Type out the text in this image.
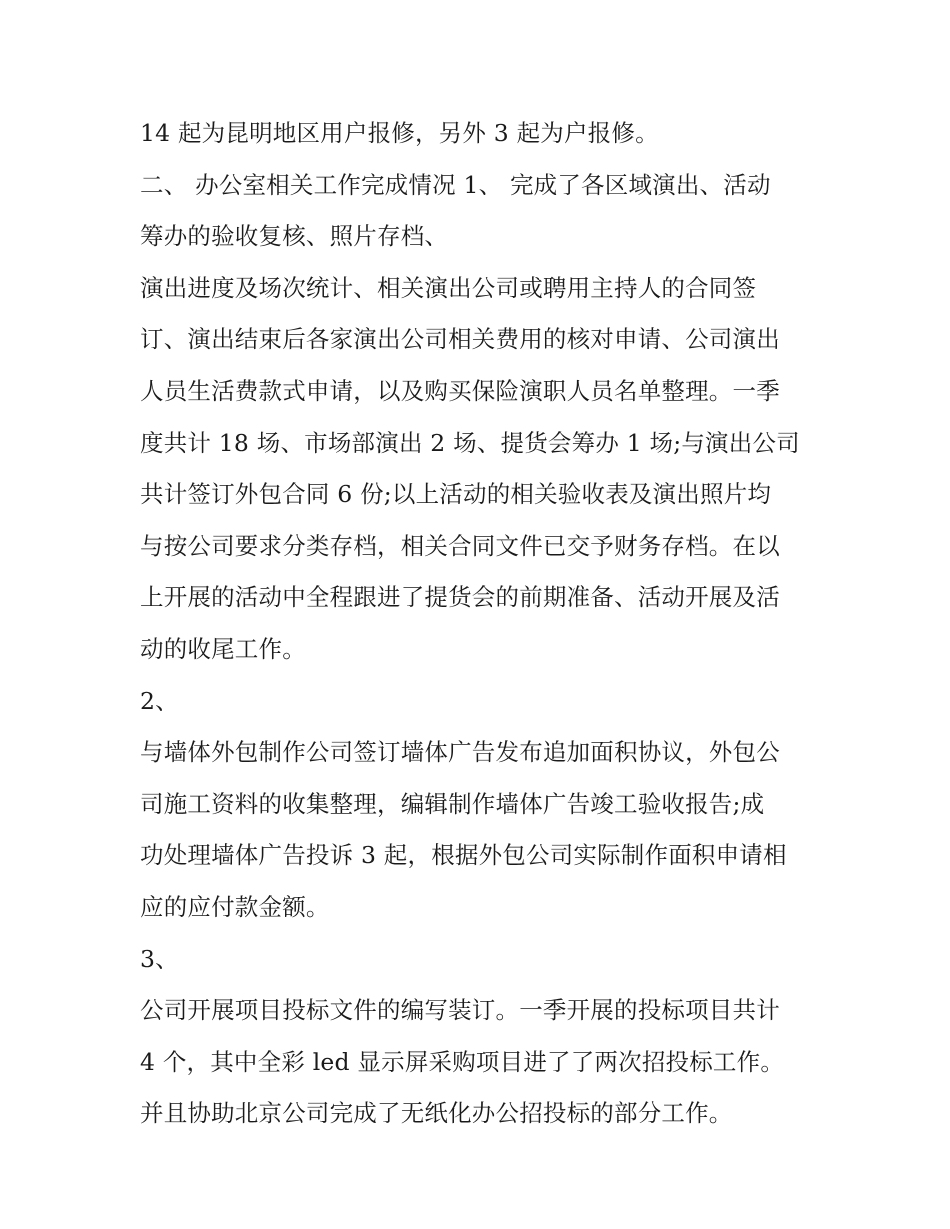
14 起为昆明地区用户报修，另外 3 起为户报修。
二、 办公室相关工作完成情况 1、 完成了各区域演出、活动
筹办的验收复核、照片存档、
演出进度及场次统计、相关演出公司或聘用主持人的合同签
订、演出结束后各家演出公司相关费用的核对申请、公司演出
人员生活费款式申请，以及购买保险演职人员名单整理。一季
度共计 18 场、市场部演出 2 场、提货会筹办 1 场;与演出公司
共计签订外包合同 6 份;以上活动的相关验收表及演出照片均
与按公司要求分类存档，相关合同文件已交予财务存档。在以
上开展的活动中全程跟进了提货会的前期准备、活动开展及活
动的收尾工作。
2、
与墙体外包制作公司签订墙体广告发布追加面积协议，外包公
司施工资料的收集整理，编辑制作墙体广告竣工验收报告;成
功处理墙体广告投诉 3 起，根据外包公司实际制作面积申请相
应的应付款金额。
3、
公司开展项目投标文件的编写装订。一季开展的投标项目共计
4 个，其中全彩 led 显示屏采购项目进了了两次招投标工作。
并且协助北京公司完成了无纸化办公招投标的部分工作。
